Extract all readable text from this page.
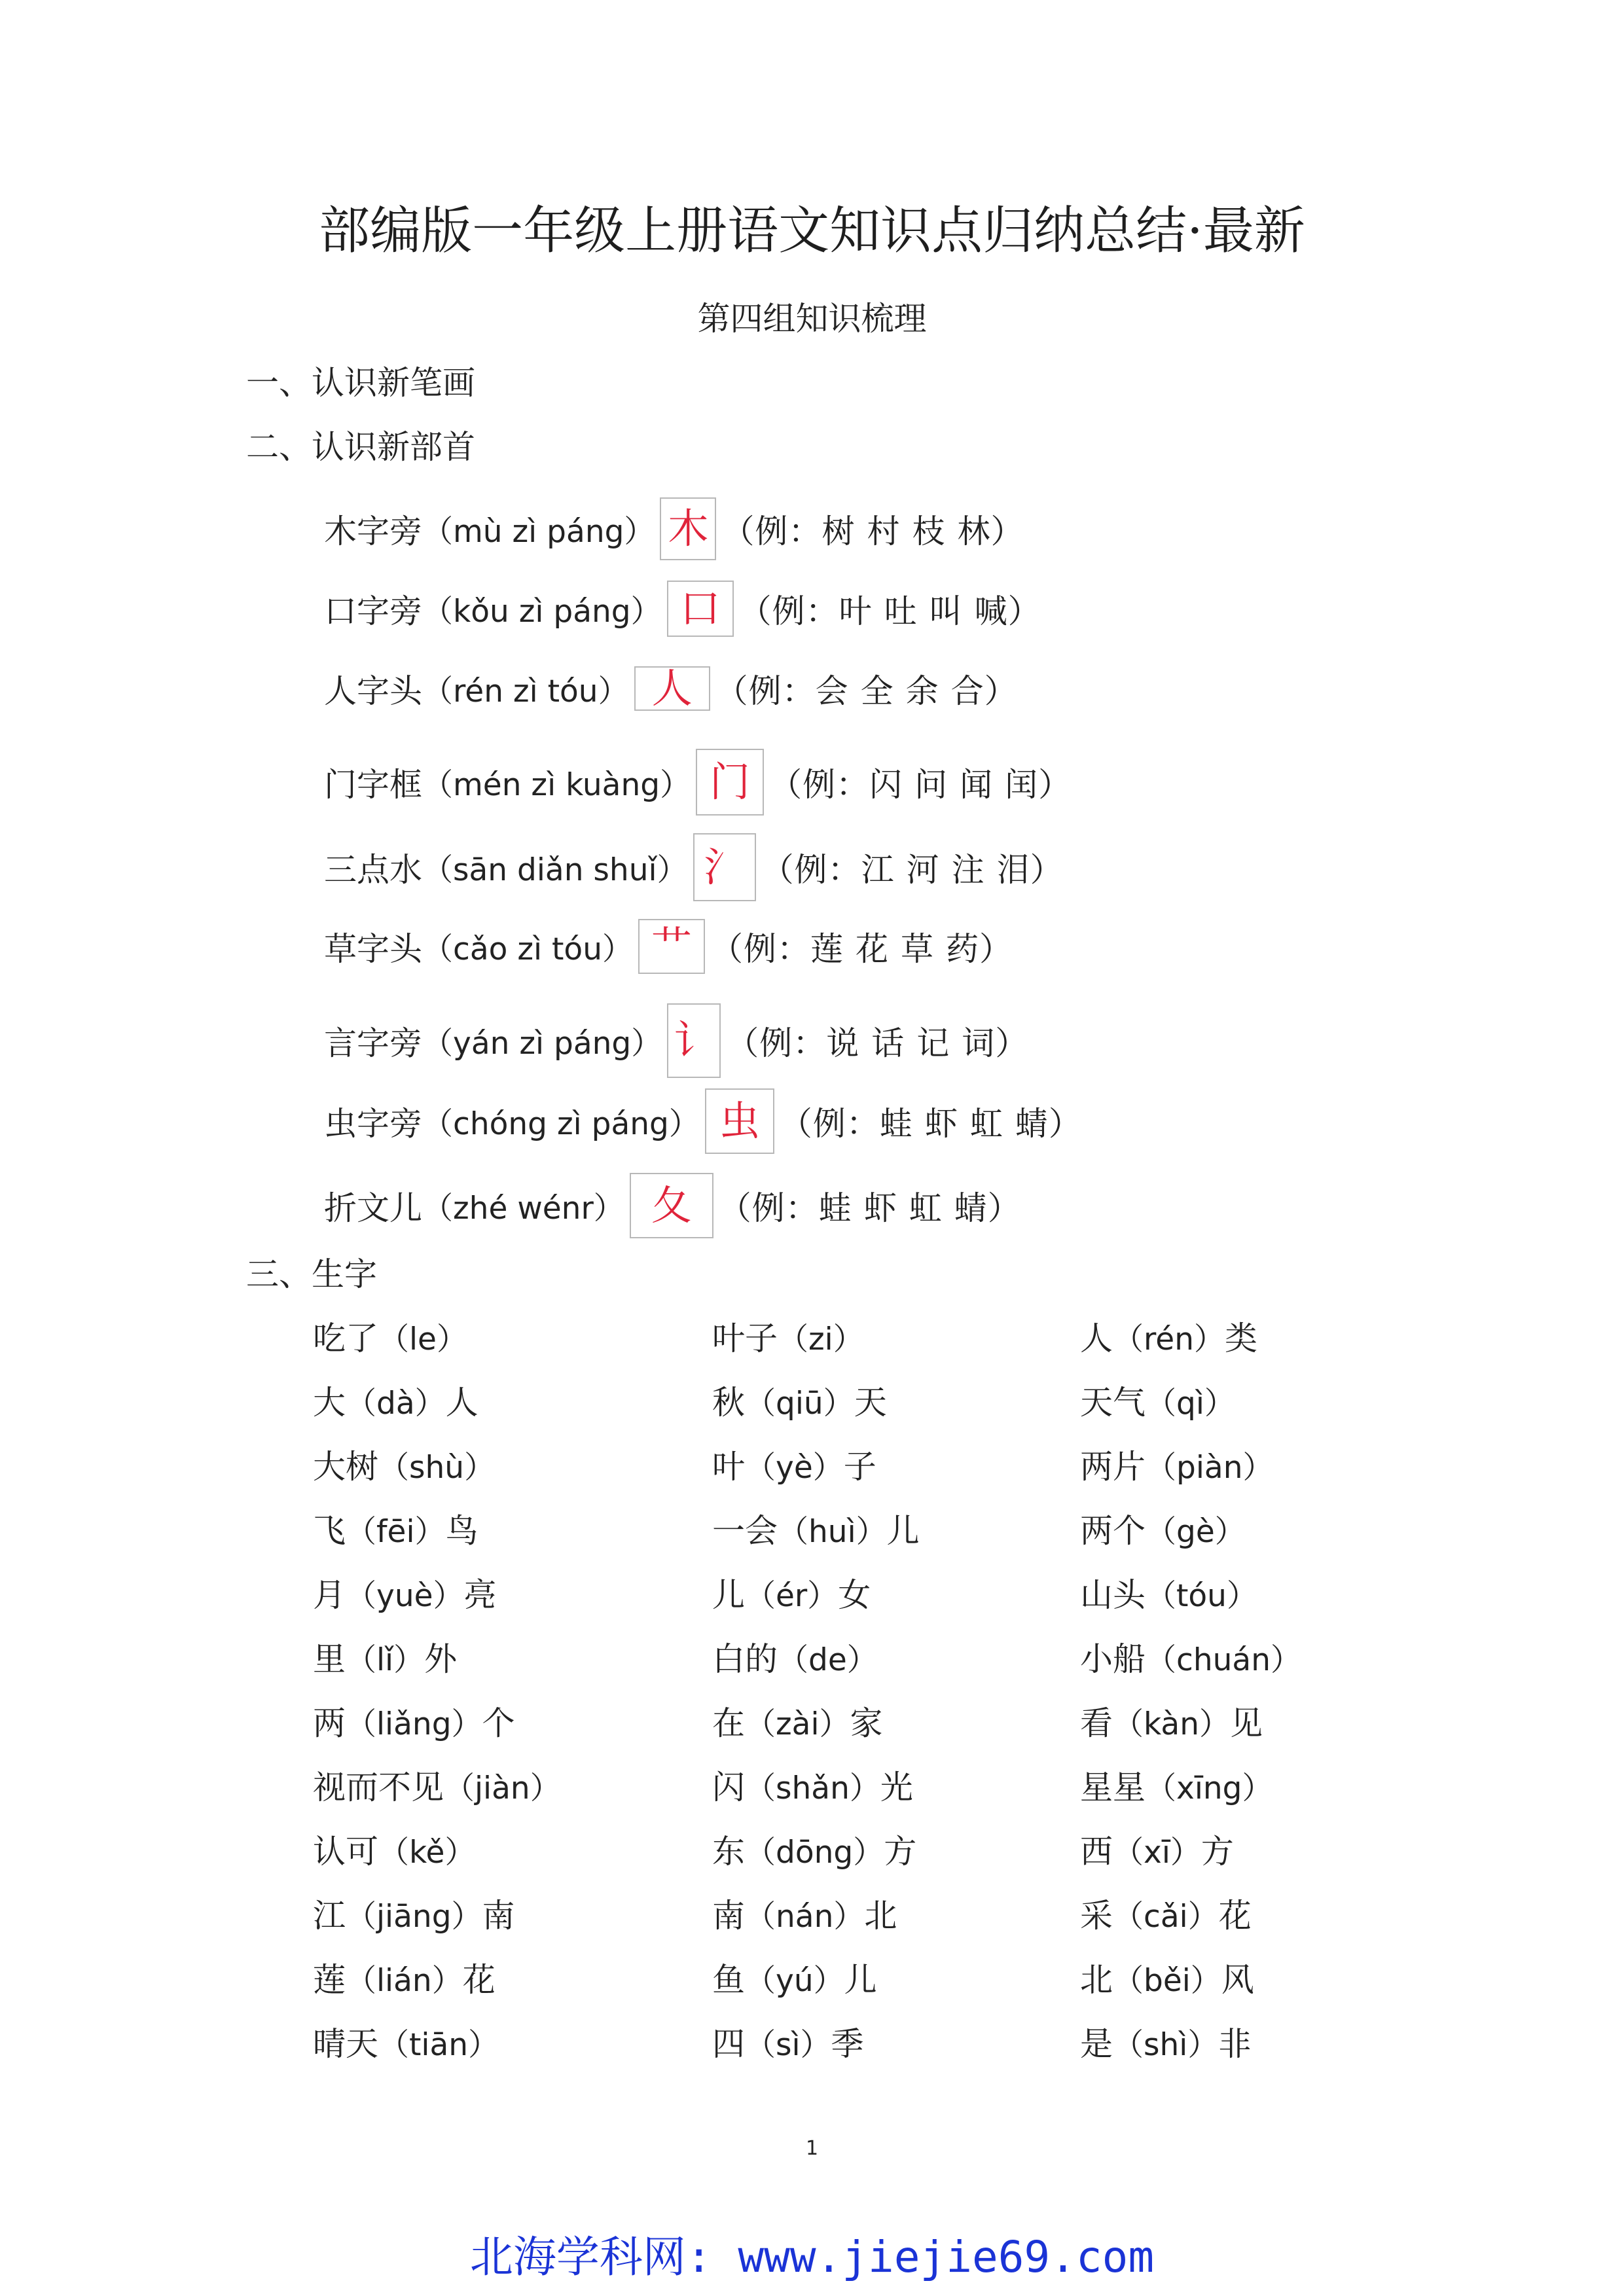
部编版一年级上册语文知识点归纳总结·最新
第四组知识梳理
一、认识新笔画
二、认识新部首
木字旁 （mù zì páng） 木 （例：树 村 枝 林）
口字旁 （kǒu zì páng） 口 （例：叶 吐 叫 喊）
人字头 （rén zì tóu） 人 （例：会 全 余 合）
门字框 （mén zì kuàng） 门 （例：闪 问 闻 闰）
三点水 （sān diǎn shuǐ） 氵 （例：江 河 注 泪）
草字头 （cǎo zì tóu） 艹 （例：莲 花 草 药）
言字旁 （yán zì páng） 讠 （例：说 话 记 词）
虫字旁 （chóng zì páng） 虫 （例：蛙 虾 虹 蜻）
折文儿 （zhé wénr） 夂 （例：蛙 虾 虹 蜻）
三、生字
吃了（le）	叶子（zi）	人（rén）类
大（dà）人	秋（qiū）天	天气（qì）
大树（shù）	叶（yè）子	两片（piàn）
飞（fēi）鸟	一会（huì）儿	两个（gè）
月（yuè）亮	儿（ér）女	山头（tóu）
里（lǐ）外	白的（de）	小船（chuán）
两（liǎng）个	在（zài）家	看（kàn）见
视而不见（jiàn）	闪（shǎn）光	星星（xīng）
认可（kě）	东（dōng）方	西（xī）方
江（jiāng）南	南（nán）北	采（cǎi）花
莲（lián）花	鱼（yú）儿	北（běi）风
晴天（tiān）	四（sì）季	是（shì）非
1
北海学科网: www.jiejie69.com
